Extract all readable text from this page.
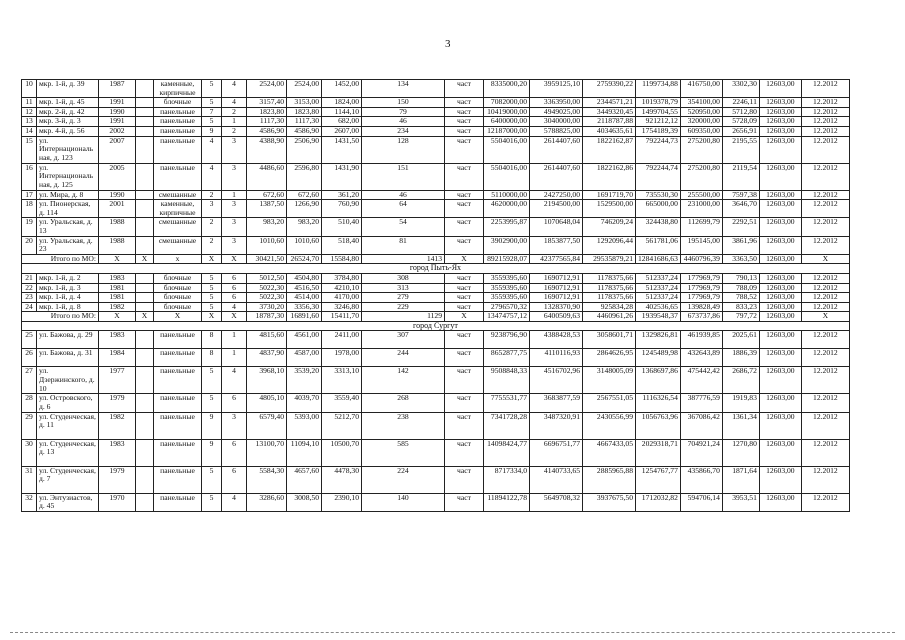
3
10	мкр. 1-й, д. 39	1987		каменные, кирпичные	5	4	2524,00	2524,00	1452,00	134	част	8335000,20	3959125,10	2759390,22	1199734,88	416750,00	3302,30	12603,00	12.2012
11	мкр. 1-й, д. 45	1991		блочные	5	4	3157,40	3153,00	1824,00	150	част	7082000,00	3363950,00	2344571,21	1019378,79	354100,00	2246,11	12603,00	12.2012
12	мкр. 2-й, д. 42	1990		панельные	7	2	1823,80	1823,80	1144,10	79	част	10419000,00	4949025,00	3449320,45	1499704,55	520950,00	5712,80	12603,00	12.2012
13	мкр. 3-й, д. 3	1991		панельные	5	1	1117,30	1117,30	682,00	46	част	6400000,00	3040000,00	2118787,88	921212,12	320000,00	5728,09	12603,00	12.2012
14	мкр. 4-й, д. 56	2002		панельные	9	2	4586,90	4586,90	2607,00	234	част	12187000,00	5788825,00	4034635,61	1754189,39	609350,00	2656,91	12603,00	12.2012
15	ул. Интернациональ ная, д. 123	2007		панельные	4	3	4388,90	2506,90	1431,50	128	част	5504016,00	2614407,60	1822162,87	792244,73	275200,80	2195,55	12603,00	12.2012
16	ул. Интернациональ ная, д. 125	2005		панельные	4	3	4486,60	2596,80	1431,90	151	част	5504016,00	2614407,60	1822162,86	792244,74	275200,80	2119,54	12603,00	12.2012
17	ул. Мира, д. 8	1990		смешанные	2	1	672,60	672,60	361,20	46	част	5110000,00	2427250,00	1691719,70	735530,30	255500,00	7597,38	12603,00	12.2012
18	ул. Пионерская, д. 114	2001		каменные, кирпичные	3	3	1387,50	1266,90	760,90	64	част	4620000,00	2194500,00	1529500,00	665000,00	231000,00	3646,70	12603,00	12.2012
19	ул. Уральская, д. 13	1988		смешанные	2	3	983,20	983,20	510,40	54	част	2253995,87	1070648,04	746209,24	324438,80	112699,79	2292,51	12603,00	12.2012
20	ул. Уральская, д. 23	1988		смешанные	2	3	1010,60	1010,60	518,40	81	част	3902900,00	1853877,50	1292096,44	561781,06	195145,00	3861,96	12603,00	12.2012
Итого по МО:		X	X	x	X	X	30421,50	26524,70	15584,80	1413	X	89215928,07	42377565,84	29535879,21	12841686,63	4460796,39	3363,50	12603,00	X
город Пыть-Ях																			
21	мкр. 1-й, д. 2	1983		блочные	5	6	5012,50	4504,80	3784,80	308	част	3559395,60	1690712,91	1178375,66	512337,24	177969,79	790,13	12603,00	12.2012
22	мкр. 1-й, д. 3	1981		блочные	5	6	5022,30	4516,50	4210,10	313	част	3559395,60	1690712,91	1178375,66	512337,24	177969,79	788,09	12603,00	12.2012
23	мкр. 1-й, д. 4	1981		блочные	5	6	5022,30	4514,00	4170,00	279	част	3559395,60	1690712,91	1178375,66	512337,24	177969,79	788,52	12603,00	12.2012
24	мкр. 1-й, д. 8	1982		блочные	5	4	3730,20	3356,30	3246,80	229	част	2796570,32	1328370,90	925834,28	402536,65	139828,49	833,23	12603,00	12.2012
Итого по МО:		X	X	X	X	X	18787,30	16891,60	15411,70	1129	X	13474757,12	6400509,63	4460961,26	1939548,37	673737,86	797,72	12603,00	X
город Сургут																			
25	ул. Бажова, д. 29	1983		панельные	8	1	4815,60	4561,00	2411,00	307	част	9238796,90	4388428,53	3058601,71	1329826,81	461939,85	2025,61	12603,00	12.2012
26	ул. Бажова, д. 31	1984		панельные	8	1	4837,90	4587,00	1978,00	244	част	8652877,75	4110116,93	2864626,95	1245489,98	432643,89	1886,39	12603,00	12.2012
27	ул. Дзержинского, д. 10	1977		панельные	5	4	3968,10	3539,20	3313,10	142	част	9508848,33	4516702,96	3148005,09	1368697,86	475442,42	2686,72	12603,00	12.2012
28	ул. Островского, д. 6	1979		панельные	5	6	4805,10	4039,70	3559,40	268	част	7755531,77	3683877,59	2567551,05	1116326,54	387776,59	1919,83	12603,00	12.2012
29	ул. Студенческая, д. 11	1982		панельные	9	3	6579,40	5393,00	5212,70	238	част	7341728,28	3487320,91	2430556,99	1056763,96	367086,42	1361,34	12603,00	12.2012
30	ул. Студенческая, д. 13	1983		панельные	9	6	13100,70	11094,10	10500,70	585	част	14098424,77	6696751,77	4667433,05	2029318,71	704921,24	1270,80	12603,00	12.2012
31	ул. Студенческая, д. 7	1979		панельные	5	6	5584,30	4657,60	4478,30	224	част	8717334,0	4140733,65	2885965,88	1254767,77	435866,70	1871,64	12603,00	12.2012
32	ул. Энтузиастов, д. 45	1970		панельные	5	4	3286,60	3008,50	2390,10	140	част	11894122,78	5649708,32	3937675,50	1712032,82	594706,14	3953,51	12603,00	12.2012
